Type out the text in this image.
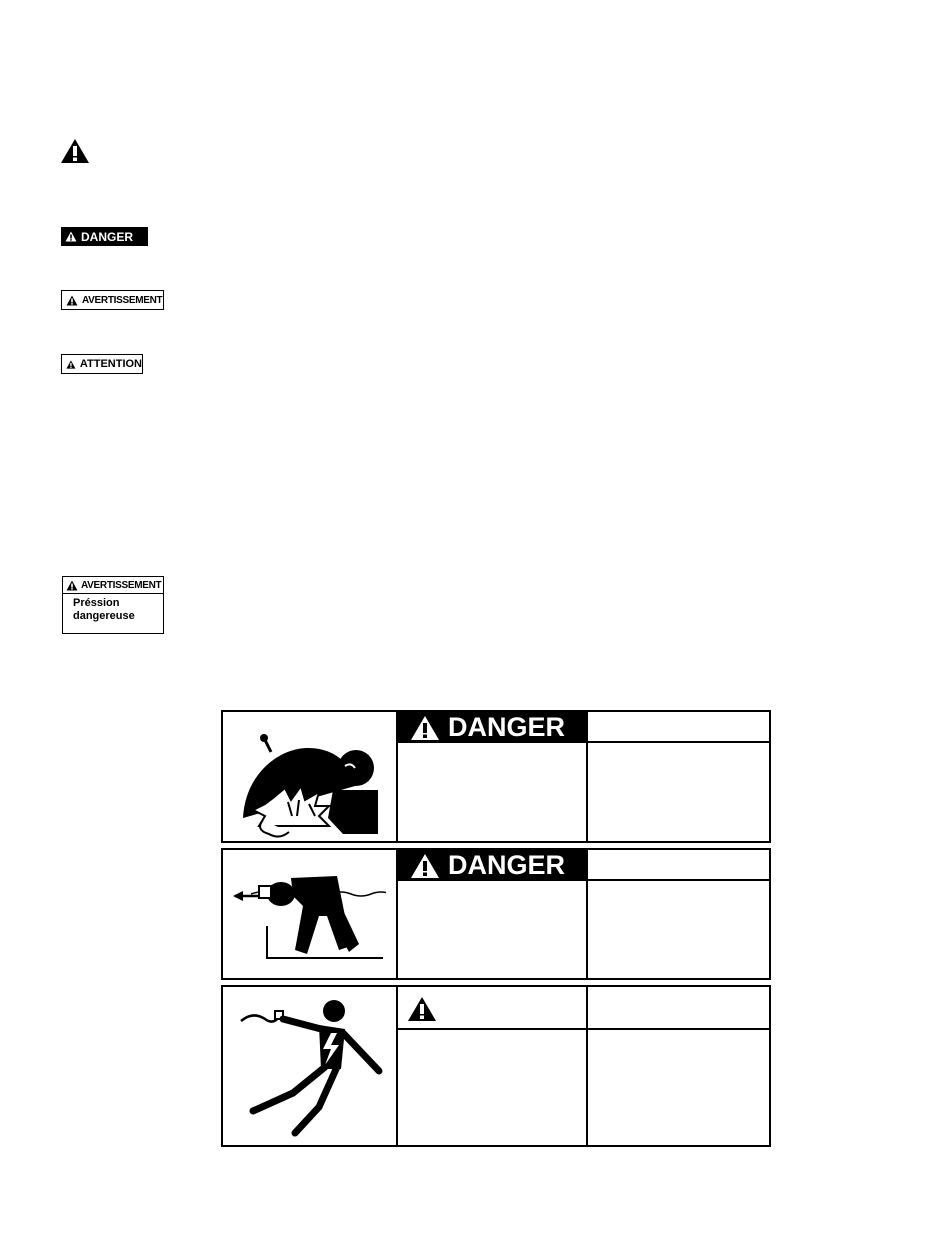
DANGER
AVERTISSEMENT
ATTENTION
AVERTISSEMENT
Préssion
dangereuse
DANGER
DANGER
